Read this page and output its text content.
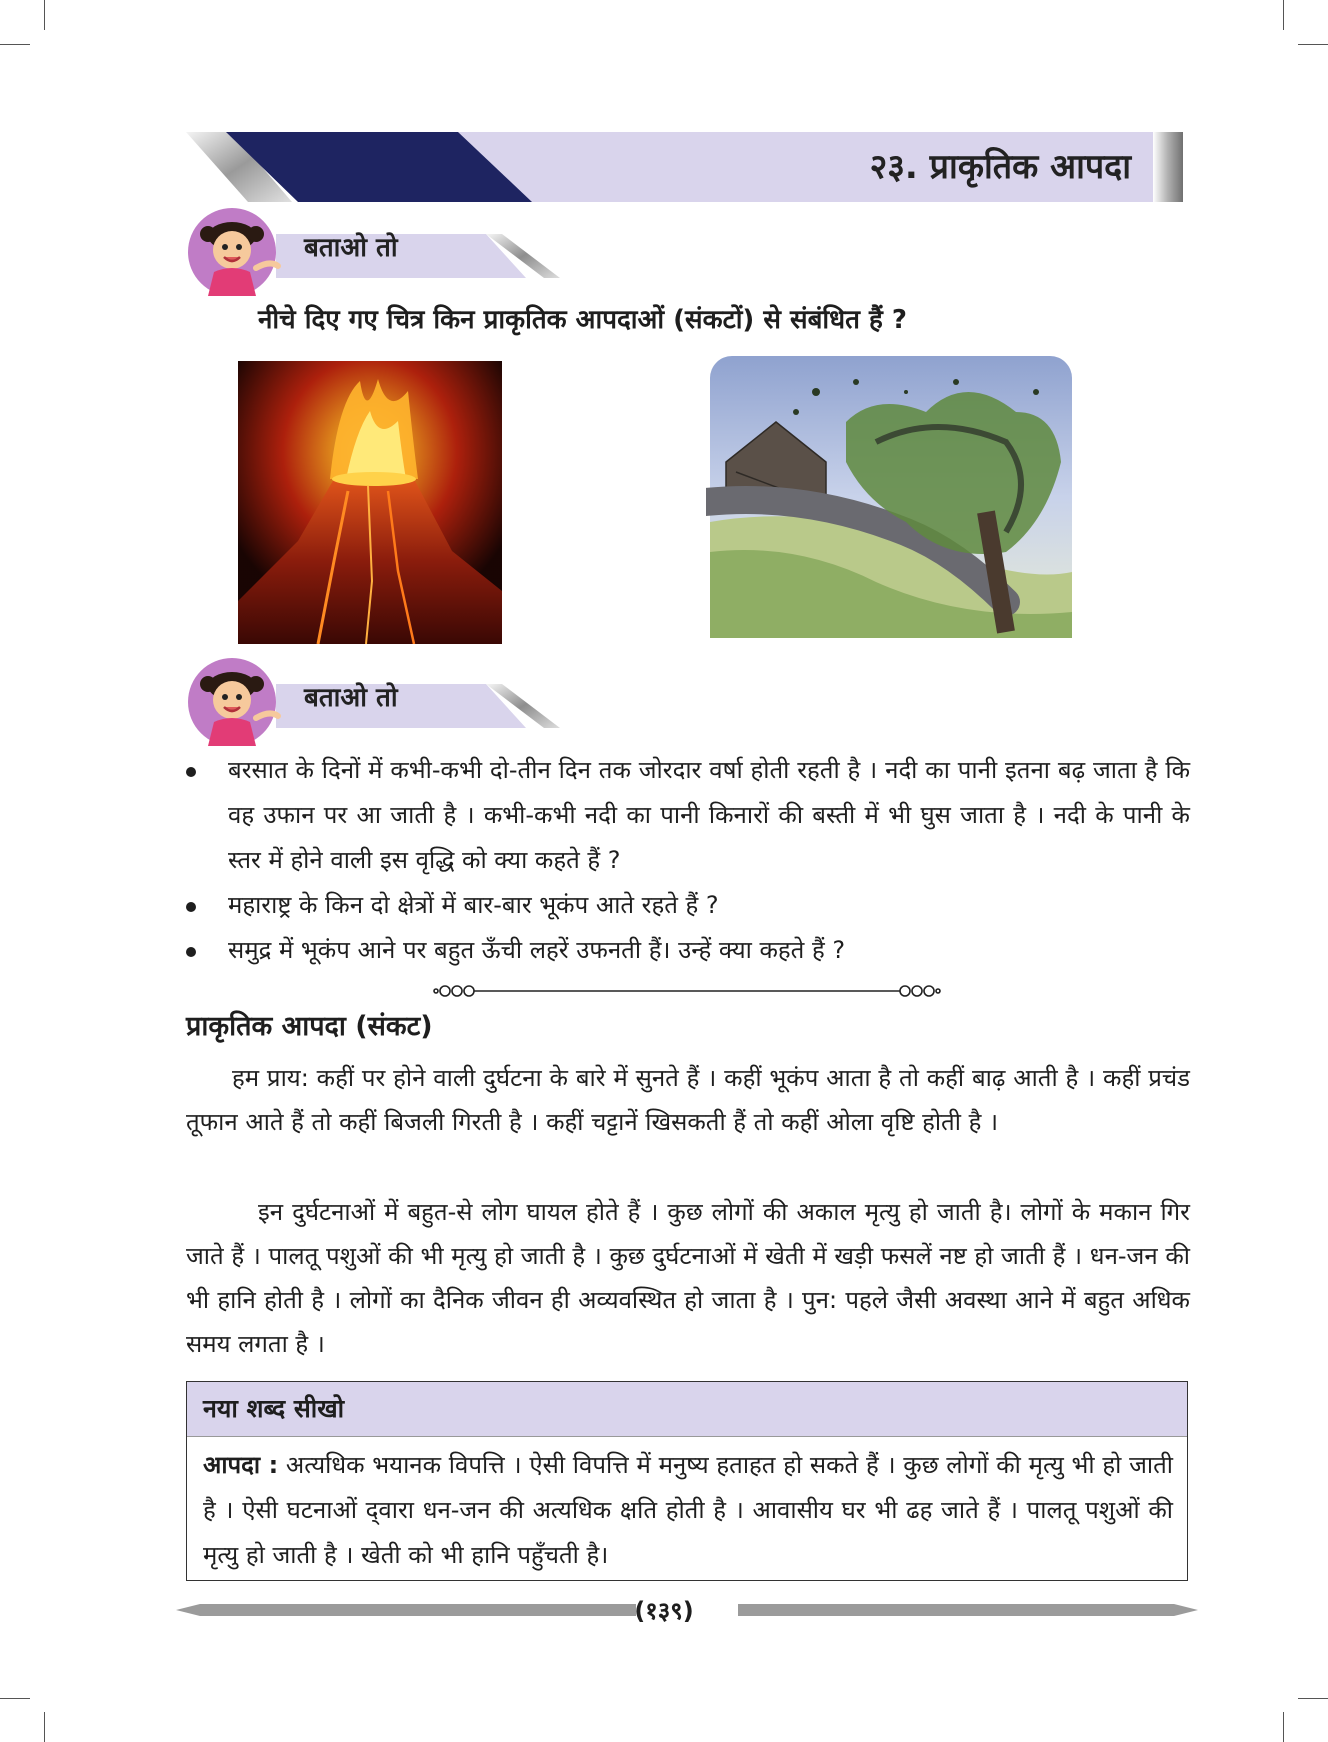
२३. प्राकृतिक आपदा
बताओ तो
नीचे दिए गए चित्र किन प्राकृतिक आपदाओं (संकटों) से संबंधित हैं ?
बताओ तो
बरसात के दिनों में कभी-कभी दो-तीन दिन तक जोरदार वर्षा होती रहती है । नदी का पानी इतना बढ़ जाता है कि वह उफान पर आ जाती है । कभी-कभी नदी का पानी किनारों की बस्ती में भी घुस जाता है । नदी के पानी के स्तर में होने वाली इस वृद्धि को क्या कहते हैं ?
महाराष्ट्र के किन दो क्षेत्रों में बार-बार भूकंप आते रहते हैं ?
समुद्र में भूकंप आने पर बहुत ऊँची लहरें उफनती हैं। उन्हें क्या कहते हैं ?
प्राकृतिक आपदा (संकट)

हम प्राय: कहीं पर होने वाली दुर्घटना के बारे में सुनते हैं । कहीं भूकंप आता है तो कहीं बाढ़ आती है । कहीं प्रचंड तूफान आते हैं तो कहीं बिजली गिरती है । कहीं चट्टानें खिसकती हैं तो कहीं ओला वृष्टि होती है ।

इन दुर्घटनाओं में बहुत-से लोग घायल होते हैं । कुछ लोगों की अकाल मृत्यु हो जाती है। लोगों के मकान गिर जाते हैं । पालतू पशुओं की भी मृत्यु हो जाती है । कुछ दुर्घटनाओं में खेती में खड़ी फसलें नष्ट हो जाती हैं । धन-जन की भी हानि होती है । लोगों का दैनिक जीवन ही अव्यवस्थित हो जाता है । पुन: पहले जैसी अवस्था आने में बहुत अधिक समय लगता है ।

नया शब्द सीखो
आपदा : अत्यधिक भयानक विपत्ति । ऐसी विपत्ति में मनुष्य हताहत हो सकते हैं । कुछ लोगों की मृत्यु भी हो जाती है । ऐसी घटनाओं द्‌वारा धन-जन की अत्यधिक क्षति होती है । आवासीय घर भी ढह जाते हैं । पालतू पशुओं की मृत्यु हो जाती है । खेती को भी हानि पहुँचती है।
(१३९)
